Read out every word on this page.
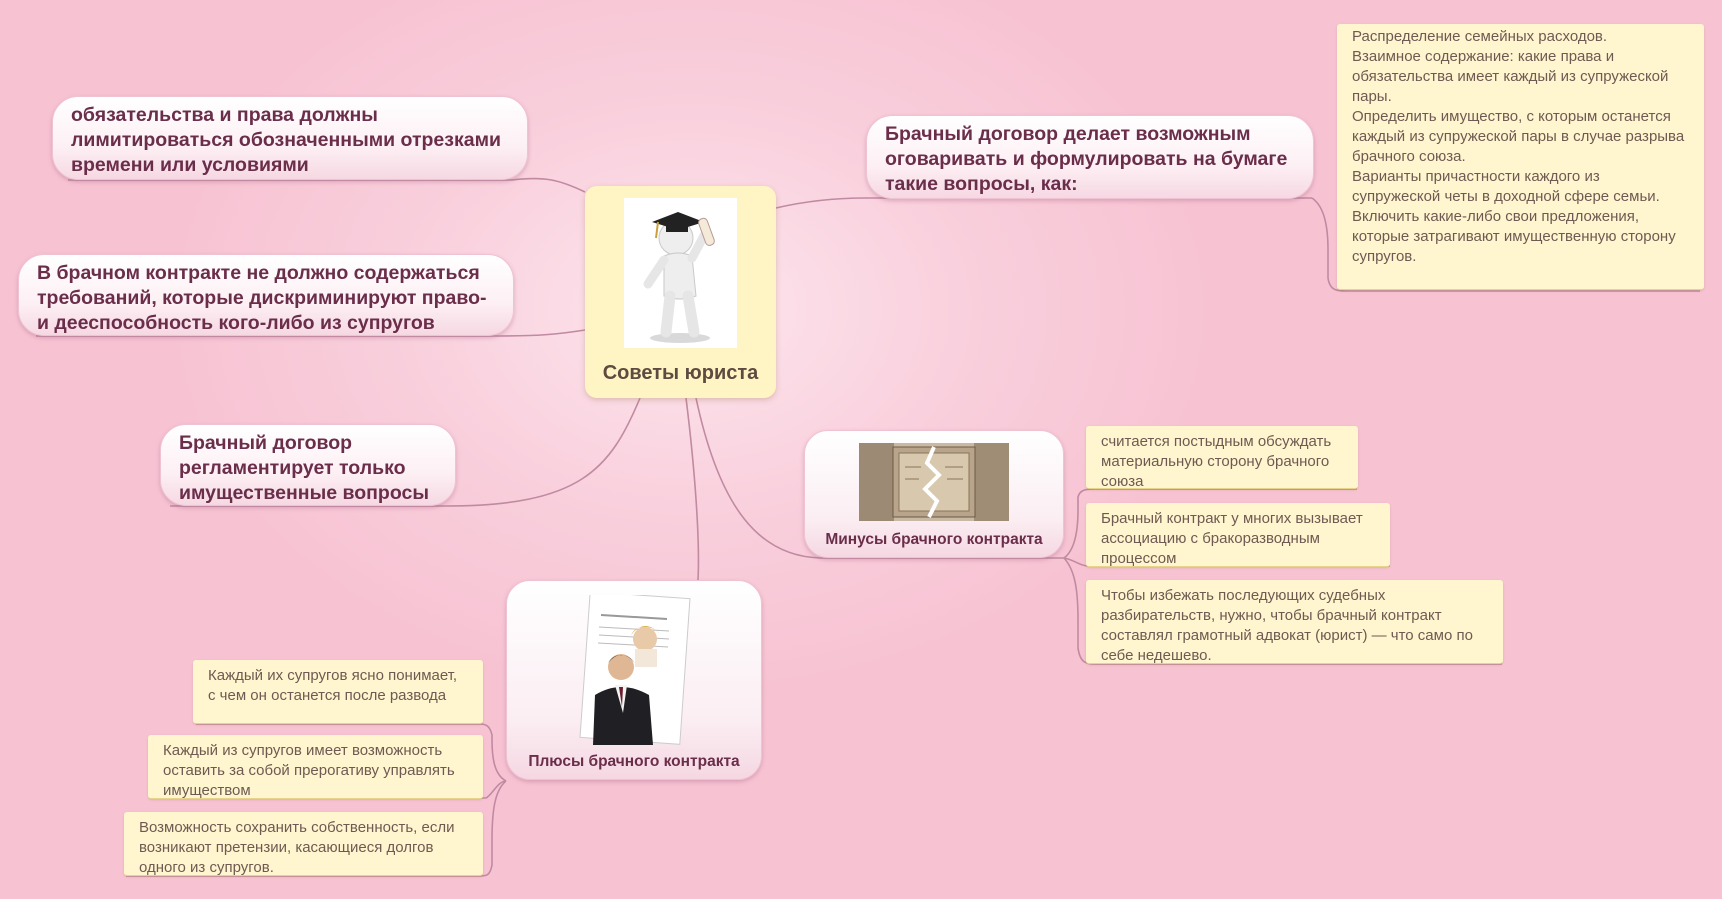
обязательства и права должны лимитироваться обозначенными отрезками времени или условиями
В брачном контракте не должно содержаться требований, которые дискриминируют право- и дееспособность кого-либо из супругов
Брачный договор регламентирует только имущественные вопросы
Брачный договор делает возможным оговаривать и формулировать на бумаге такие вопросы, как:
Распределение семейных расходов.
Взаимное содержание: какие права и обязательства имеет каждый из супружеской пары.
Определить имущество, с которым останется каждый из супружеской пары в случае разрыва брачного союза.
Варианты причастности каждого из супружеской четы в доходной сфере семьи.
Включить какие-либо свои предложения, которые затрагивают имущественную сторону супругов.
Советы юриста
Минусы брачного контракта
считается постыдным обсуждать материальную сторону брачного союза
Брачный контракт у многих вызывает ассоциацию с бракоразводным процессом
Чтобы избежать последующих судебных разбирательств, нужно, чтобы брачный контракт составлял грамотный адвокат (юрист) — что само по себе недешево.
Плюсы брачного контракта
Каждый их супругов ясно понимает, с чем он останется после развода
Каждый из супругов имеет возможность оставить за собой прерогативу управлять имуществом
Возможность сохранить собственность, если возникают претензии, касающиеся долгов одного из супругов.
